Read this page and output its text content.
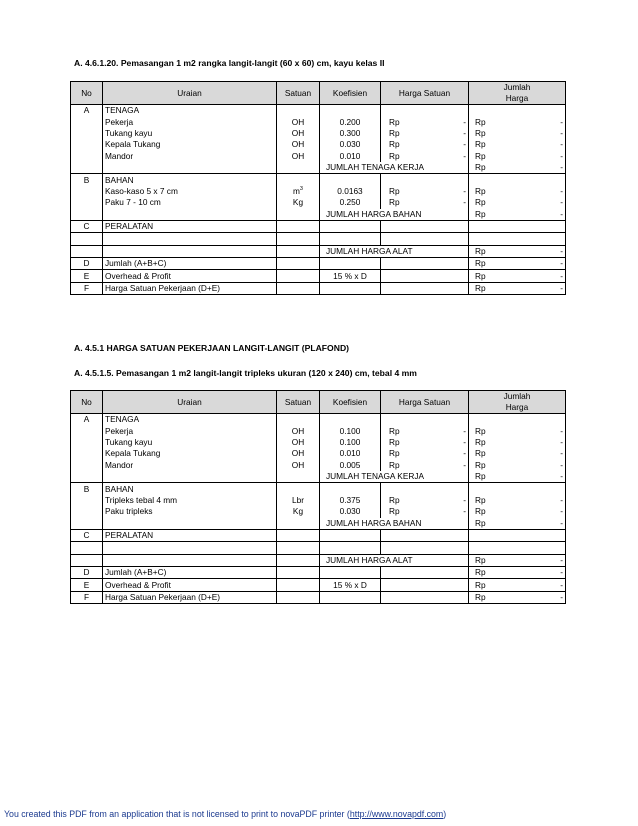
A. 4.6.1.20. Pemasangan 1 m2 rangka langit-langit (60 x 60) cm, kayu kelas II
No	Uraian	Satuan	Koefisien	Harga Satuan	Jumlah
Harga

A	TENAGA			

	Pekerja	OH	0.200	Rp -	Rp -

	Tukang kayu	OH	0.300	Rp -	Rp -

	Kepala Tukang	OH	0.030	Rp -	Rp -

	Mandor	OH	0.010	Rp -	Rp -

			JUMLAH TENAGA KERJA		Rp -

B	BAHAN			

	Kaso-kaso 5 x 7 cm	$m^3$	0.0163	Rp -	Rp -

	Paku 7 - 10 cm	Kg	0.250	Rp -	Rp -

			JUMLAH HARGA BAHAN		Rp -

C	PERALATAN			

			JUMLAH HARGA ALAT		Rp -

D	Jumlah (A+B+C)				Rp -

E	Overhead & Profit		15 % x D		Rp -

F	Harga Satuan Pekerjaan (D+E)				Rp -
A. 4.5.1 HARGA SATUAN PEKERJAAN LANGIT-LANGIT (PLAFOND)
A. 4.5.1.5. Pemasangan 1 m2 langit-langit tripleks ukuran (120 x 240) cm, tebal 4 mm
No	Uraian	Satuan	Koefisien	Harga Satuan	Jumlah
Harga

A	TENAGA			

	Pekerja	OH	0.100	Rp -	Rp -

	Tukang kayu	OH	0.100	Rp -	Rp -

	Kepala Tukang	OH	0.010	Rp -	Rp -

	Mandor	OH	0.005	Rp -	Rp -

			JUMLAH TENAGA KERJA		Rp -

B	BAHAN			

	Tripleks tebal 4 mm	Lbr	0.375	Rp -	Rp -

	Paku tripleks	Kg	0.030	Rp -	Rp -

			JUMLAH HARGA BAHAN		Rp -

C	PERALATAN			

			JUMLAH HARGA ALAT		Rp -

D	Jumlah (A+B+C)				Rp -

E	Overhead & Profit		15 % x D		Rp -

F	Harga Satuan Pekerjaan (D+E)				Rp -
You created this PDF from an application that is not licensed to print to novaPDF printer (http://www.novapdf.com)
